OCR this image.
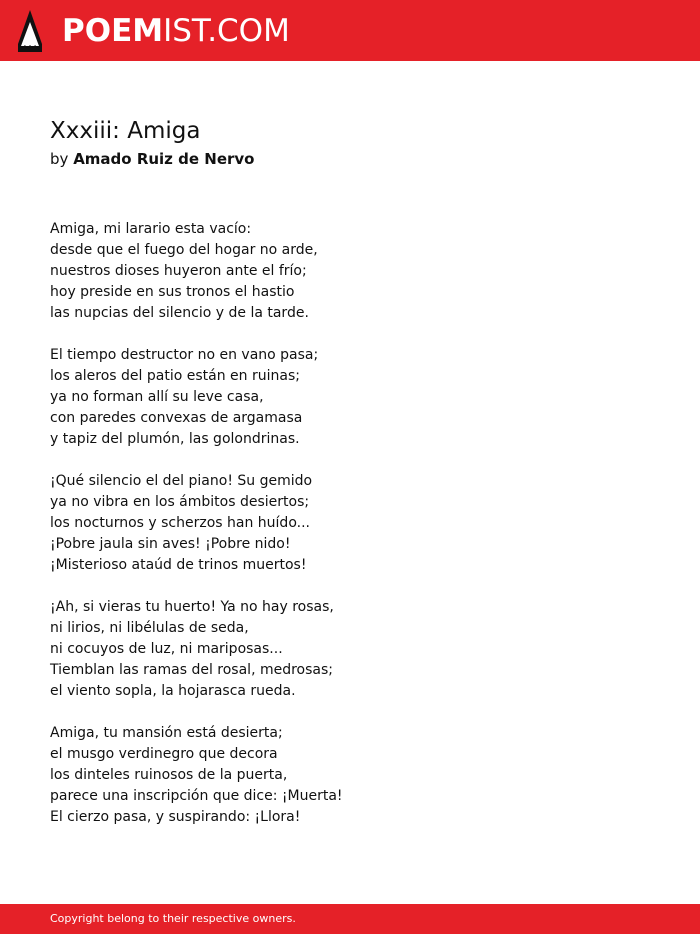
POEMIST.COM
Xxxiii: Amiga
by Amado Ruiz de Nervo
Amiga, mi larario esta vacío:
desde que el fuego del hogar no arde,
nuestros dioses huyeron ante el frío;
hoy preside en sus tronos el hastio
las nupcias del silencio y de la tarde.
El tiempo destructor no en vano pasa;
los aleros del patio están en ruinas;
ya no forman allí su leve casa,
con paredes convexas de argamasa
y tapiz del plumón, las golondrinas.
¡Qué silencio el del piano! Su gemido
ya no vibra en los ámbitos desiertos;
los nocturnos y scherzos han huído...
¡Pobre jaula sin aves! ¡Pobre nido!
¡Misterioso ataúd de trinos muertos!
¡Ah, si vieras tu huerto! Ya no hay rosas,
ni lirios, ni libélulas de seda,
ni cocuyos de luz, ni mariposas...
Tiemblan las ramas del rosal, medrosas;
el viento sopla, la hojarasca rueda.
Amiga, tu mansión está desierta;
el musgo verdinegro que decora
los dinteles ruinosos de la puerta,
parece una inscripción que dice: ¡Muerta!
El cierzo pasa, y suspirando: ¡Llora!
Copyright belong to their respective owners.
